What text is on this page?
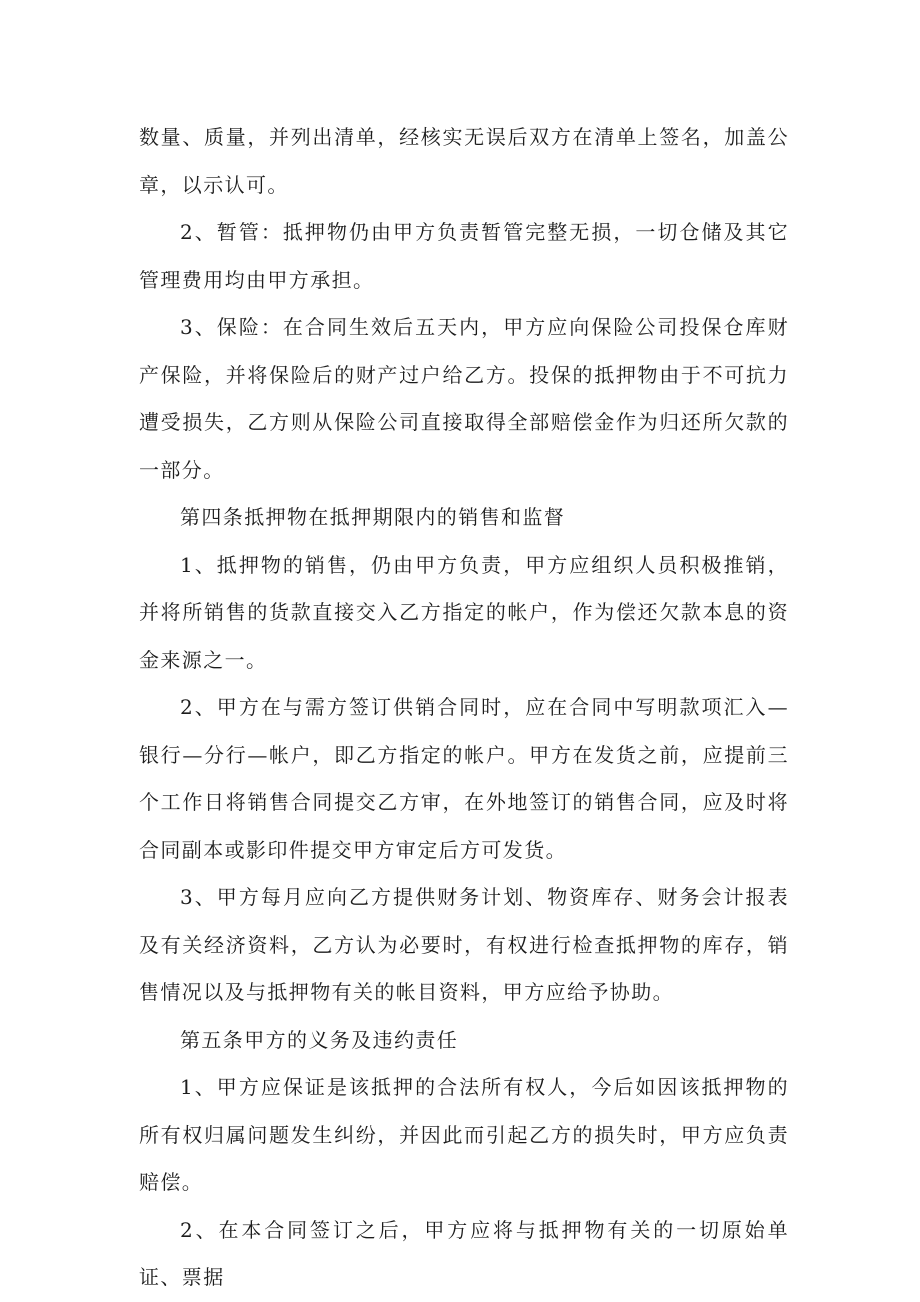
数量、质量，并列出清单，经核实无误后双方在清单上签名，加盖公章，以示认可。

2、暂管：抵押物仍由甲方负责暂管完整无损，一切仓储及其它管理费用均由甲方承担。

3、保险：在合同生效后五天内，甲方应向保险公司投保仓库财产保险，并将保险后的财产过户给乙方。投保的抵押物由于不可抗力遭受损失，乙方则从保险公司直接取得全部赔偿金作为归还所欠款的一部分。

第四条抵押物在抵押期限内的销售和监督

1、抵押物的销售，仍由甲方负责，甲方应组织人员积极推销，并将所销售的货款直接交入乙方指定的帐户，作为偿还欠款本息的资金来源之一。

2、甲方在与需方签订供销合同时，应在合同中写明款项汇入—银行—分行—帐户，即乙方指定的帐户。甲方在发货之前，应提前三个工作日将销售合同提交乙方审，在外地签订的销售合同，应及时将合同副本或影印件提交甲方审定后方可发货。

3、甲方每月应向乙方提供财务计划、物资库存、财务会计报表及有关经济资料，乙方认为必要时，有权进行检查抵押物的库存，销售情况以及与抵押物有关的帐目资料，甲方应给予协助。

第五条甲方的义务及违约责任

1、甲方应保证是该抵押的合法所有权人，今后如因该抵押物的所有权归属问题发生纠纷，并因此而引起乙方的损失时，甲方应负责赔偿。

2、在本合同签订之后，甲方应将与抵押物有关的一切原始单证、票据
